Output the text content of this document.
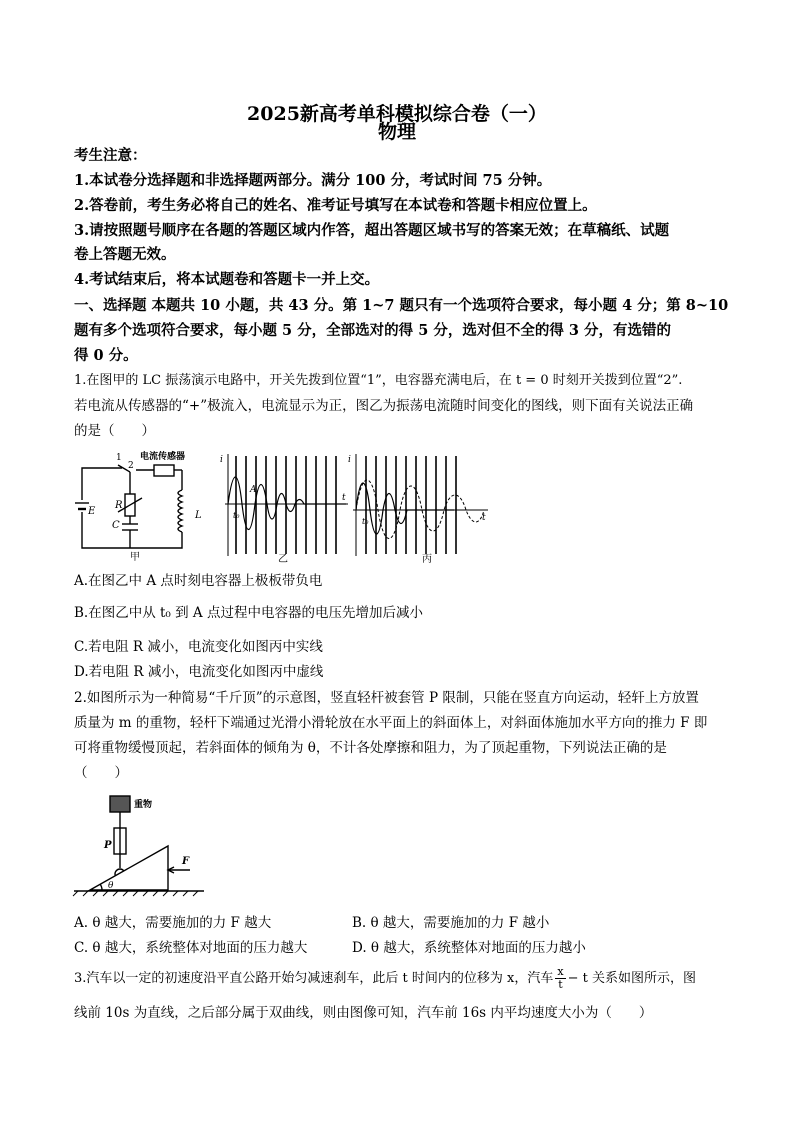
2025新高考单科模拟综合卷（一）
物理
考生注意：
1.本试卷分选择题和非选择题两部分。满分 100 分，考试时间 75 分钟。
2.答卷前，考生务必将自己的姓名、准考证号填写在本试卷和答题卡相应位置上。
3.请按照题号顺序在各题的答题区域内作答，超出答题区域书写的答案无效；在草稿纸、试题
卷上答题无效。
4.考试结束后，将本试题卷和答题卡一并上交。
一、选择题 本题共 10 小题，共 43 分。第 1~7 题只有一个选项符合要求，每小题 4 分；第 8~10
题有多个选项符合要求，每小题 5 分，全部选对的得 5 分，选对但不全的得 3 分，有选错的
得 0 分。
1.在图甲的 LC 振荡演示电路中，开关先拨到位置“1”，电容器充满电后，在 t = 0 时刻开关拨到位置“2”.
若电流从传感器的“+”极流入，电流显示为正，图乙为振荡电流随时间变化的图线，则下面有关说法正确
的是（　　）
电流传感器
1
2
E
R
C
L
甲
i
t
A
t₀
乙
i
t
t₀
丙
A.在图乙中 A 点时刻电容器上极板带负电
B.在图乙中从 t₀ 到 A 点过程中电容器的电压先增加后减小
C.若电阻 R 减小，电流变化如图丙中实线
D.若电阻 R 减小，电流变化如图丙中虚线
2.如图所示为一种简易“千斤顶”的示意图，竖直轻杆被套管 P 限制，只能在竖直方向运动，轻轩上方放置
质量为 m 的重物，轻杆下端通过光滑小滑轮放在水平面上的斜面体上，对斜面体施加水平方向的推力 F 即
可将重物缓慢顶起，若斜面体的倾角为 θ，不计各处摩擦和阻力，为了顶起重物，下列说法正确的是
（　　）
重物
P
F
θ
A. θ 越大，需要施加的力 F 越大	B. θ 越大，需要施加的力 F 越小
C. θ 越大，系统整体对地面的压力越大	D. θ 越大，系统整体对地面的压力越小
3.汽车以一定的初速度沿平直公路开始匀减速刹车，此后 t 时间内的位移为 x，汽车 $\frac{x}{t} - t$ 关系如图所示，图
线前 10s 为直线，之后部分属于双曲线，则由图像可知，汽车前 16s 内平均速度大小为（　　）
